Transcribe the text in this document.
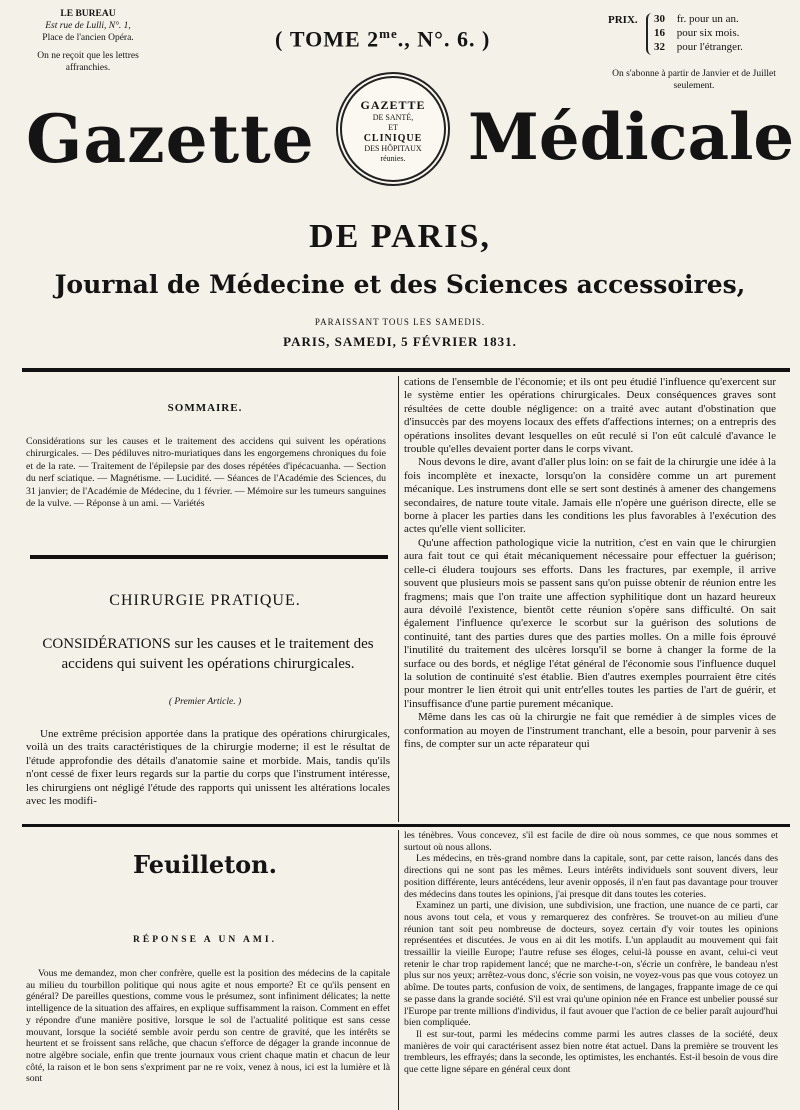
LE BUREAU
Est rue de Lulli, N°. 1,
Place de l'ancien Opéra.
On ne reçoit que les lettres affranchies.
( TOME $2^{me}$., N°. 6. )
PRIX. 30 fr. pour un an.
16 pour six mois.
32 pour l'étranger.
On s'abonne à partir de Janvier et de Juillet seulement.
Gazette	GAZETTE
DE SANTÉ,
ET
CLINIQUE
DES HÔPITAUX
réunies. Médicale
DE PARIS,
Journal de Médecine et des Sciences accessoires,
PARAISSANT TOUS LES SAMEDIS.
PARIS, SAMEDI, 5 FÉVRIER 1831.
SOMMAIRE.
Considérations sur les causes et le traitement des accidens qui suivent les opérations chirurgicales. — Des pédiluves nitro-muriatiques dans les engorgemens chroniques du foie et de la rate. — Traitement de l'épilepsie par des doses répétées d'ipécacuanha. — Section du nerf sciatique. — Magnétisme. — Lucidité. — Séances de l'Académie des Sciences, du 31 janvier; de l'Académie de Médecine, du 1 février. — Mémoire sur les tumeurs sanguines de la vulve. — Réponse à un ami. — Variétés
CHIRURGIE PRATIQUE.
CONSIDÉRATIONS sur les causes et le traitement des accidens qui suivent les opérations chirurgicales.
( Premier Article. )

Une extrême précision apportée dans la pratique des opérations chirurgicales, voilà un des traits caractéristiques de la chirurgie moderne; il est le résultat de l'étude approfondie des détails d'anatomie saine et morbide. Mais, tandis qu'ils n'ont cessé de fixer leurs regards sur la partie du corps que l'instrument intéresse, les chirurgiens ont négligé l'étude des rapports qui unissent les altérations locales avec les modifi-

cations de l'ensemble de l'économie; et ils ont peu étudié l'influence qu'exercent sur le système entier les opérations chirurgicales. Deux conséquences graves sont résultées de cette double négligence: on a traité avec autant d'obstination que d'insuccès par des moyens locaux des effets d'affections internes; on a entrepris des opérations insolites devant lesquelles on eût reculé si l'on eût calculé d'avance le trouble qu'elles devaient porter dans le corps vivant.

Nous devons le dire, avant d'aller plus loin: on se fait de la chirurgie une idée à la fois incomplète et inexacte, lorsqu'on la considère comme un art purement mécanique. Les instrumens dont elle se sert sont destinés à amener des changemens secondaires, de nature toute vitale. Jamais elle n'opère une guérison directe, elle se borne à placer les parties dans les conditions les plus favorables à l'exécution des actes qu'elle vient solliciter.

Qu'une affection pathologique vicie la nutrition, c'est en vain que le chirurgien aura fait tout ce qui était mécaniquement nécessaire pour effectuer la guérison; celle-ci éludera toujours ses efforts. Dans les fractures, par exemple, il arrive souvent que plusieurs mois se passent sans qu'on puisse obtenir de réunion entre les fragmens; mais que l'on traite une affection syphilitique dont un hazard heureux aura dévoilé l'existence, bientôt cette réunion s'opère sans difficulté. On sait également l'influence qu'exerce le scorbut sur la guérison des solutions de continuité, tant des parties dures que des parties molles. On a mille fois éprouvé l'inutilité du traitement des ulcères lorsqu'il se borne à changer la forme de la surface ou des bords, et néglige l'état général de l'économie sous l'influence duquel la solution de continuité s'est établie. Bien d'autres exemples pourraient être cités pour montrer le lien étroit qui unit entr'elles toutes les parties de l'art de guérir, et l'insuffisance d'une partie purement mécanique.

Même dans les cas où la chirurgie ne fait que remédier à de simples vices de conformation au moyen de l'instrument tranchant, elle a besoin, pour parvenir à ses fins, de compter sur un acte réparateur qui

Feuilleton.
RÉPONSE A UN AMI.

Vous me demandez, mon cher confrère, quelle est la position des médecins de la capitale au milieu du tourbillon politique qui nous agite et nous emporte? Et ce qu'ils pensent en général? De pareilles questions, comme vous le présumez, sont infiniment délicates; la nette intelligence de la situation des affaires, en explique suffisamment la raison. Comment en effet y répondre d'une manière positive, lorsque le sol de l'actualité politique est sans cesse mouvant, lorsque la société semble avoir perdu son centre de gravité, que les intérêts se heurtent et se froissent sans relâche, que chacun s'efforce de dégager la grande inconnue de notre algèbre sociale, enfin que trente journaux vous crient chaque matin et chacun de leur côté, la raison et le bon sens s'expriment par ne re voix, venez à nous, ici est la lumière et là sont

les ténèbres. Vous concevez, s'il est facile de dire où nous sommes, ce que nous sommes et surtout où nous allons.

Les médecins, en très-grand nombre dans la capitale, sont, par cette raison, lancés dans des directions qui ne sont pas les mêmes. Leurs intérêts individuels sont souvent divers, leur position différente, leurs antécédens, leur avenir opposés, il n'en faut pas davantage pour trouver des médecins dans toutes les opinions, j'ai presque dit dans toutes les coteries.

Examinez un parti, une division, une subdivision, une fraction, une nuance de ce parti, car nous avons tout cela, et vous y remarquerez des confrères. Se trouvet-on au milieu d'une réunion tant soit peu nombreuse de docteurs, soyez certain d'y voir toutes les opinions représentées et discutées. Je vous en ai dit les motifs. L'un applaudit au mouvement qui fait tressaillir la vieille Europe; l'autre refuse ses éloges, celui-là pousse en avant, celui-ci veut retenir le char trop rapidement lancé; que ne marche-t-on, s'écrie un confrère, le bandeau n'est plus sur nos yeux; arrêtez-vous donc, s'écrie son voisin, ne voyez-vous pas que vous cotoyez un abîme. De toutes parts, confusion de voix, de sentimens, de langages, frappante image de ce qui se passe dans la grande société. S'il est vrai qu'une opinion née en France est unbelier poussé sur l'Europe par trente millions d'individus, il faut avouer que l'action de ce belier paraît aujourd'hui bien compliquée.

Il est sur-tout, parmi les médecins comme parmi les autres classes de la société, deux manières de voir qui caractérisent assez bien notre état actuel. Dans la première se trouvent les trembleurs, les effrayés; dans la seconde, les optimistes, les enchantés. Est-il besoin de vous dire que cette ligne sépare en général ceux dont
